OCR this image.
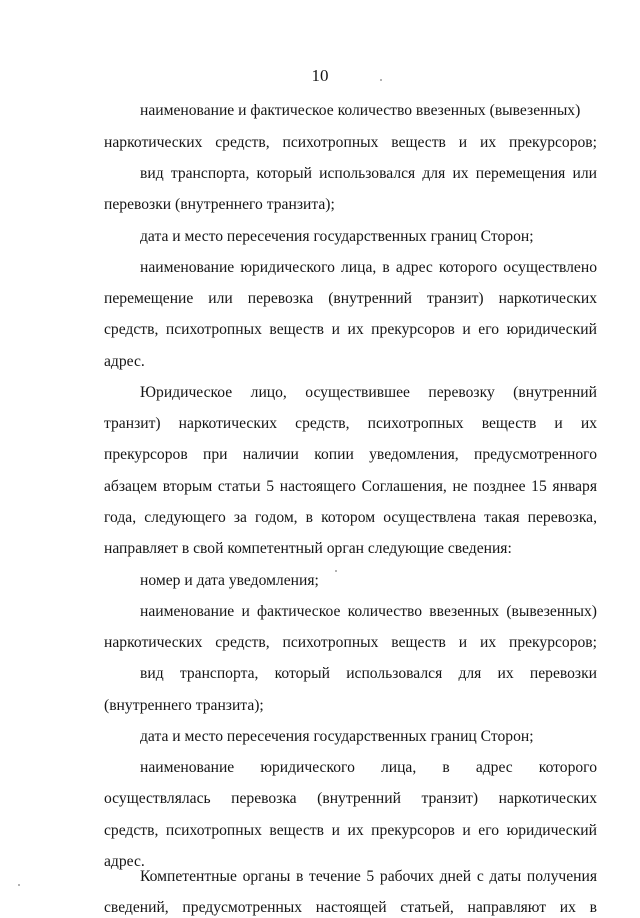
10
наименование и фактическое количество ввезенных (вывезенных)
наркотических средств, психотропных веществ и их прекурсоров;
вид транспорта, который использовался для их перемещения или
перевозки (внутреннего транзита);
дата и место пересечения государственных границ Сторон;
наименование юридического лица, в адрес которого осуществлено
перемещение или перевозка (внутренний транзит) наркотических
средств, психотропных веществ и их прекурсоров и его юридический
адрес.
Юридическое лицо, осуществившее перевозку (внутренний
транзит) наркотических средств, психотропных веществ и их
прекурсоров при наличии копии уведомления, предусмотренного
абзацем вторым статьи 5 настоящего Соглашения, не позднее 15 января
года, следующего за годом, в котором осуществлена такая перевозка,
направляет в свой компетентный орган следующие сведения:
номер и дата уведомления;
наименование и фактическое количество ввезенных (вывезенных)
наркотических средств, психотропных веществ и их прекурсоров;
вид транспорта, который использовался для их перевозки
(внутреннего транзита);
дата и место пересечения государственных границ Сторон;
наименование юридического лица, в адрес которого
осуществлялась перевозка (внутренний транзит) наркотических
средств, психотропных веществ и их прекурсоров и его юридический
адрес.
Компетентные органы в течение 5 рабочих дней с даты получения
сведений, предусмотренных настоящей статьей, направляют их в
